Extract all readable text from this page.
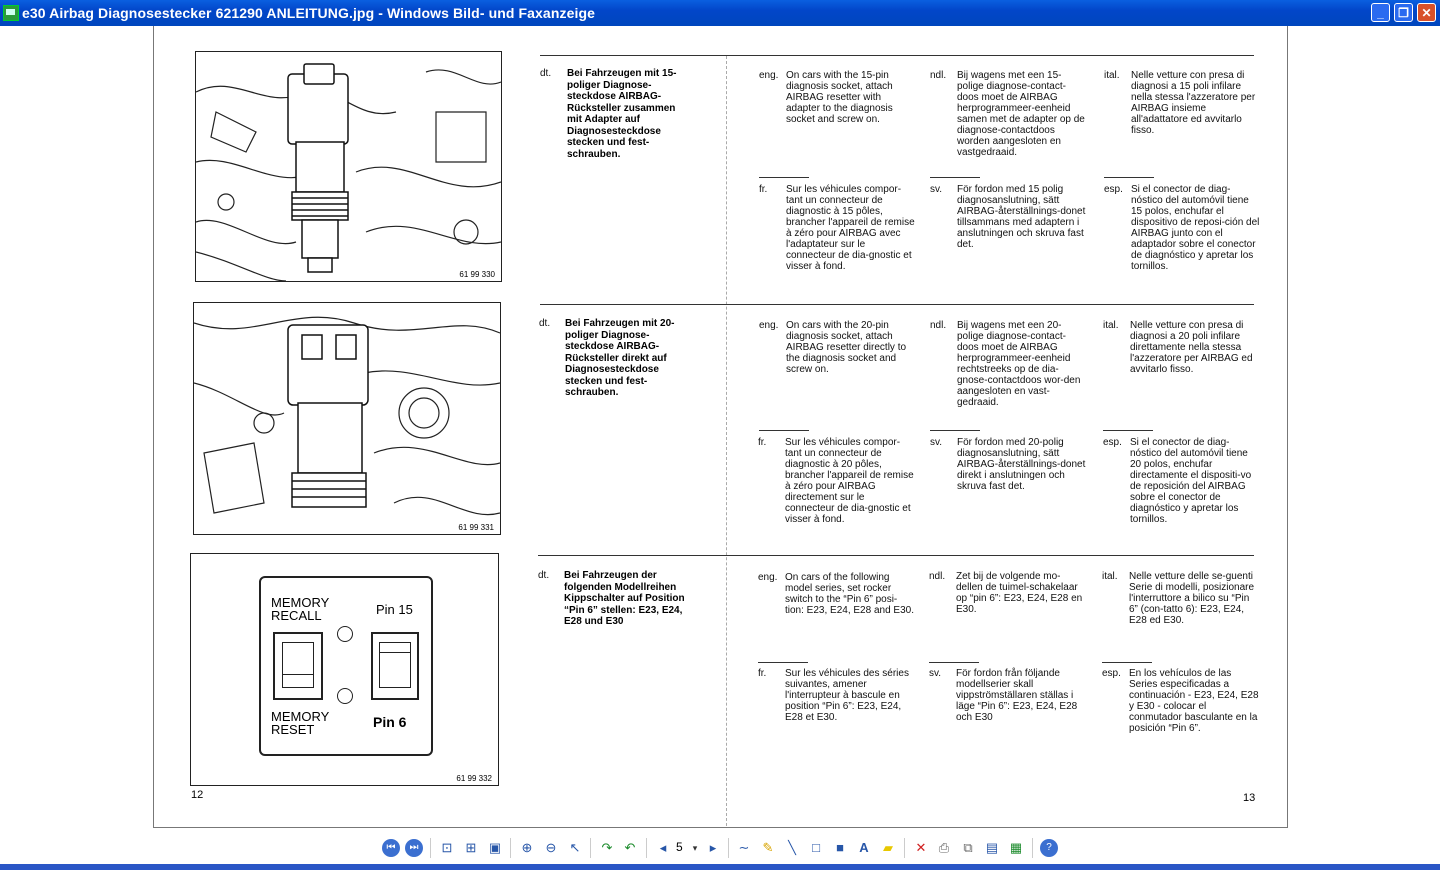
e30 Airbag Diagnosestecker 621290 ANLEITUNG.jpg - Windows Bild- und Faxanzeige	_	❐	✕
61 99 330
61 99 331
MEMORY
RECALL	Pin 15
MEMORY
RESET	Pin 6
61 99 332
dt. Bei Fahrzeugen mit 15-poliger Diagnose-steckdose AIRBAG-Rücksteller zusammen mit Adapter auf Diagnosesteckdose stecken und fest-schrauben.
eng. On cars with the 15-pin diagnosis socket, attach AIRBAG resetter with adapter to the diagnosis socket and screw on.
ndl. Bij wagens met een 15-polige diagnose-contact-doos moet de AIRBAG herprogrammeer-eenheid samen met de adapter op de diagnose-contactdoos worden aangesloten en vastgedraaid.
ital. Nelle vetture con presa di diagnosi a 15 poli infilare nella stessa l'azzeratore per AIRBAG insieme all'adattatore ed avvitarlo fisso.
fr. Sur les véhicules compor-tant un connecteur de diagnostic à 15 pôles, brancher l'appareil de remise à zéro pour AIRBAG avec l'adaptateur sur le connecteur de dia-gnostic et visser à fond.
sv. För fordon med 15 polig diagnosanslutning, sätt AIRBAG-återställnings-donet tillsammans med adaptern i anslutningen och skruva fast det.
esp. Si el conector de diag-nóstico del automóvil tiene 15 polos, enchufar el dispositivo de reposi-ción del AIRBAG junto con el adaptador sobre el conector de diagnóstico y apretar los tornillos.
dt. Bei Fahrzeugen mit 20-poliger Diagnose-steckdose AIRBAG-Rücksteller direkt auf Diagnosesteckdose stecken und fest-schrauben.
eng. On cars with the 20-pin diagnosis socket, attach AIRBAG resetter directly to the diagnosis socket and screw on.
ndl. Bij wagens met een 20-polige diagnose-contact-doos moet de AIRBAG herprogrammeer-eenheid rechtstreeks op de dia-gnose-contactdoos wor-den aangesloten en vast-gedraaid.
ital. Nelle vetture con presa di diagnosi a 20 poli infilare direttamente nella stessa l'azzeratore per AIRBAG ed avvitarlo fisso.
fr. Sur les véhicules compor-tant un connecteur de diagnostic à 20 pôles, brancher l'appareil de remise à zéro pour AIRBAG directement sur le connecteur de dia-gnostic et visser à fond.
sv. För fordon med 20-polig diagnosanslutning, sätt AIRBAG-återställnings-donet direkt i anslutningen och skruva fast det.
esp. Si el conector de diag-nóstico del automóvil tiene 20 polos, enchufar directamente el dispositi-vo de reposición del AIRBAG sobre el conector de diagnóstico y apretar los tornillos.
dt. Bei Fahrzeugen der folgenden Modellreihen Kippschalter auf Position “Pin 6” stellen: E23, E24, E28 und E30
eng. On cars of the following model series, set rocker switch to the “Pin 6” posi-tion: E23, E24, E28 and E30.
ndl. Zet bij de volgende mo-dellen de tuimel-schakelaar op “pin 6”: E23, E24, E28 en E30.
ital. Nelle vetture delle se-guenti Serie di modelli, posizionare l'interruttore a bilico su “Pin 6” (con-tatto 6): E23, E24, E28 ed E30.
fr. Sur les véhicules des séries suivantes, amener l'interrupteur à bascule en position “Pin 6”: E23, E24, E28 et E30.
sv. För fordon från följande modellserier skall vippströmställaren ställas i läge “Pin 6”: E23, E24, E28 och E30
esp. En los vehículos de las Series especificadas a continuación - E23, E24, E28 y E30 - colocar el conmutador basculante en la posición “Pin 6”.
12	13
⏮	⏭	⊡ ⊞ ▣ ⊕ ⊖ ↖ ↷ ↶	◂ 5	▾ ▸	∼ ✎	╲	□	■	A	▰	✕ ⎙	⧉	▤ ▦	?
